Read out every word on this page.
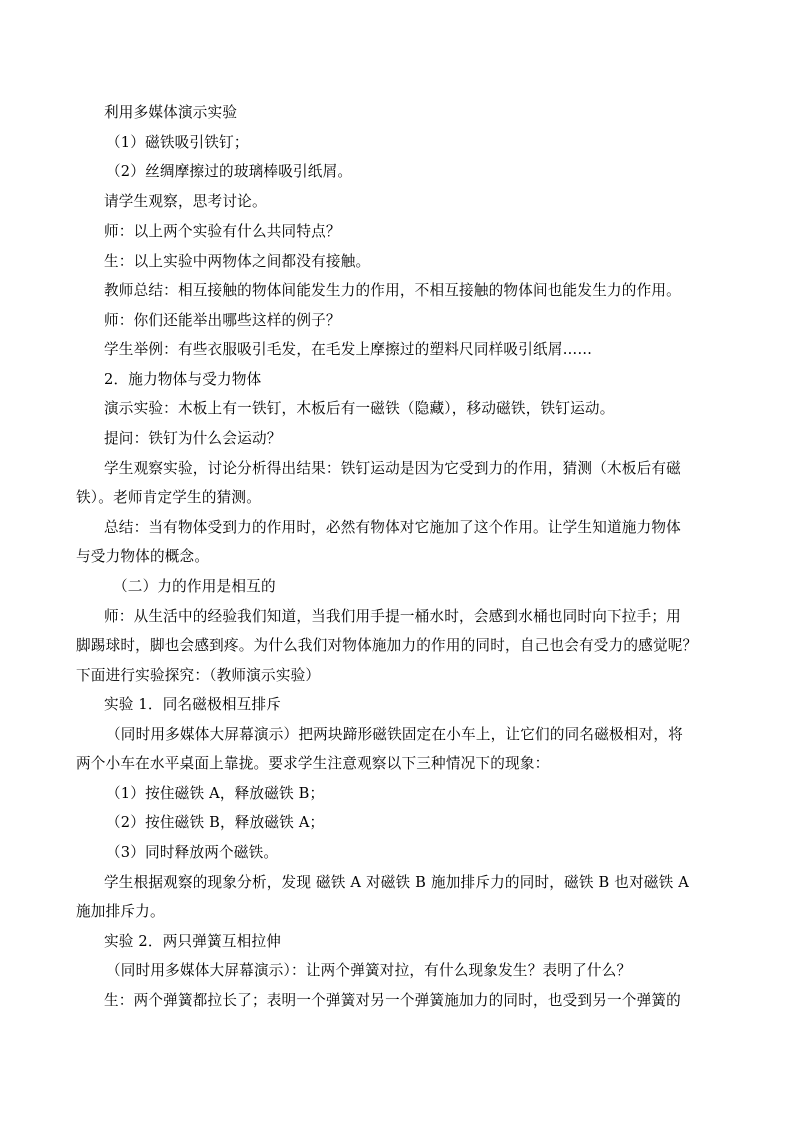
利用多媒体演示实验
（1）磁铁吸引铁钉；
（2）丝绸摩擦过的玻璃棒吸引纸屑。
请学生观察，思考讨论。
师：以上两个实验有什么共同特点？
生：以上实验中两物体之间都没有接触。
教师总结：相互接触的物体间能发生力的作用，不相互接触的物体间也能发生力的作用。
师：你们还能举出哪些这样的例子？
学生举例：有些衣服吸引毛发，在毛发上摩擦过的塑料尺同样吸引纸屑……
2．施力物体与受力物体
演示实验：木板上有一铁钉，木板后有一磁铁（隐藏），移动磁铁，铁钉运动。
提问：铁钉为什么会运动？
学生观察实验，讨论分析得出结果：铁钉运动是因为它受到力的作用，猜测（木板后有磁
铁）。老师肯定学生的猜测。
总结：当有物体受到力的作用时，必然有物体对它施加了这个作用。让学生知道施力物体
与受力物体的概念。
（二）力的作用是相互的
师：从生活中的经验我们知道，当我们用手提一桶水时，会感到水桶也同时向下拉手；用
脚踢球时，脚也会感到疼。为什么我们对物体施加力的作用的同时，自己也会有受力的感觉呢？
下面进行实验探究：（教师演示实验）
实验 1．同名磁极相互排斥
（同时用多媒体大屏幕演示）把两块蹄形磁铁固定在小车上，让它们的同名磁极相对，将
两个小车在水平桌面上靠拢。要求学生注意观察以下三种情况下的现象：
（1）按住磁铁 A，释放磁铁 B；
（2）按住磁铁 B，释放磁铁 A；
（3）同时释放两个磁铁。
学生根据观察的现象分析，发现 磁铁 A 对磁铁 B 施加排斥力的同时，磁铁 B 也对磁铁 A
施加排斥力。
实验 2．两只弹簧互相拉伸
（同时用多媒体大屏幕演示）：让两个弹簧对拉，有什么现象发生？表明了什么？
生：两个弹簧都拉长了；表明一个弹簧对另一个弹簧施加力的同时，也受到另一个弹簧的
